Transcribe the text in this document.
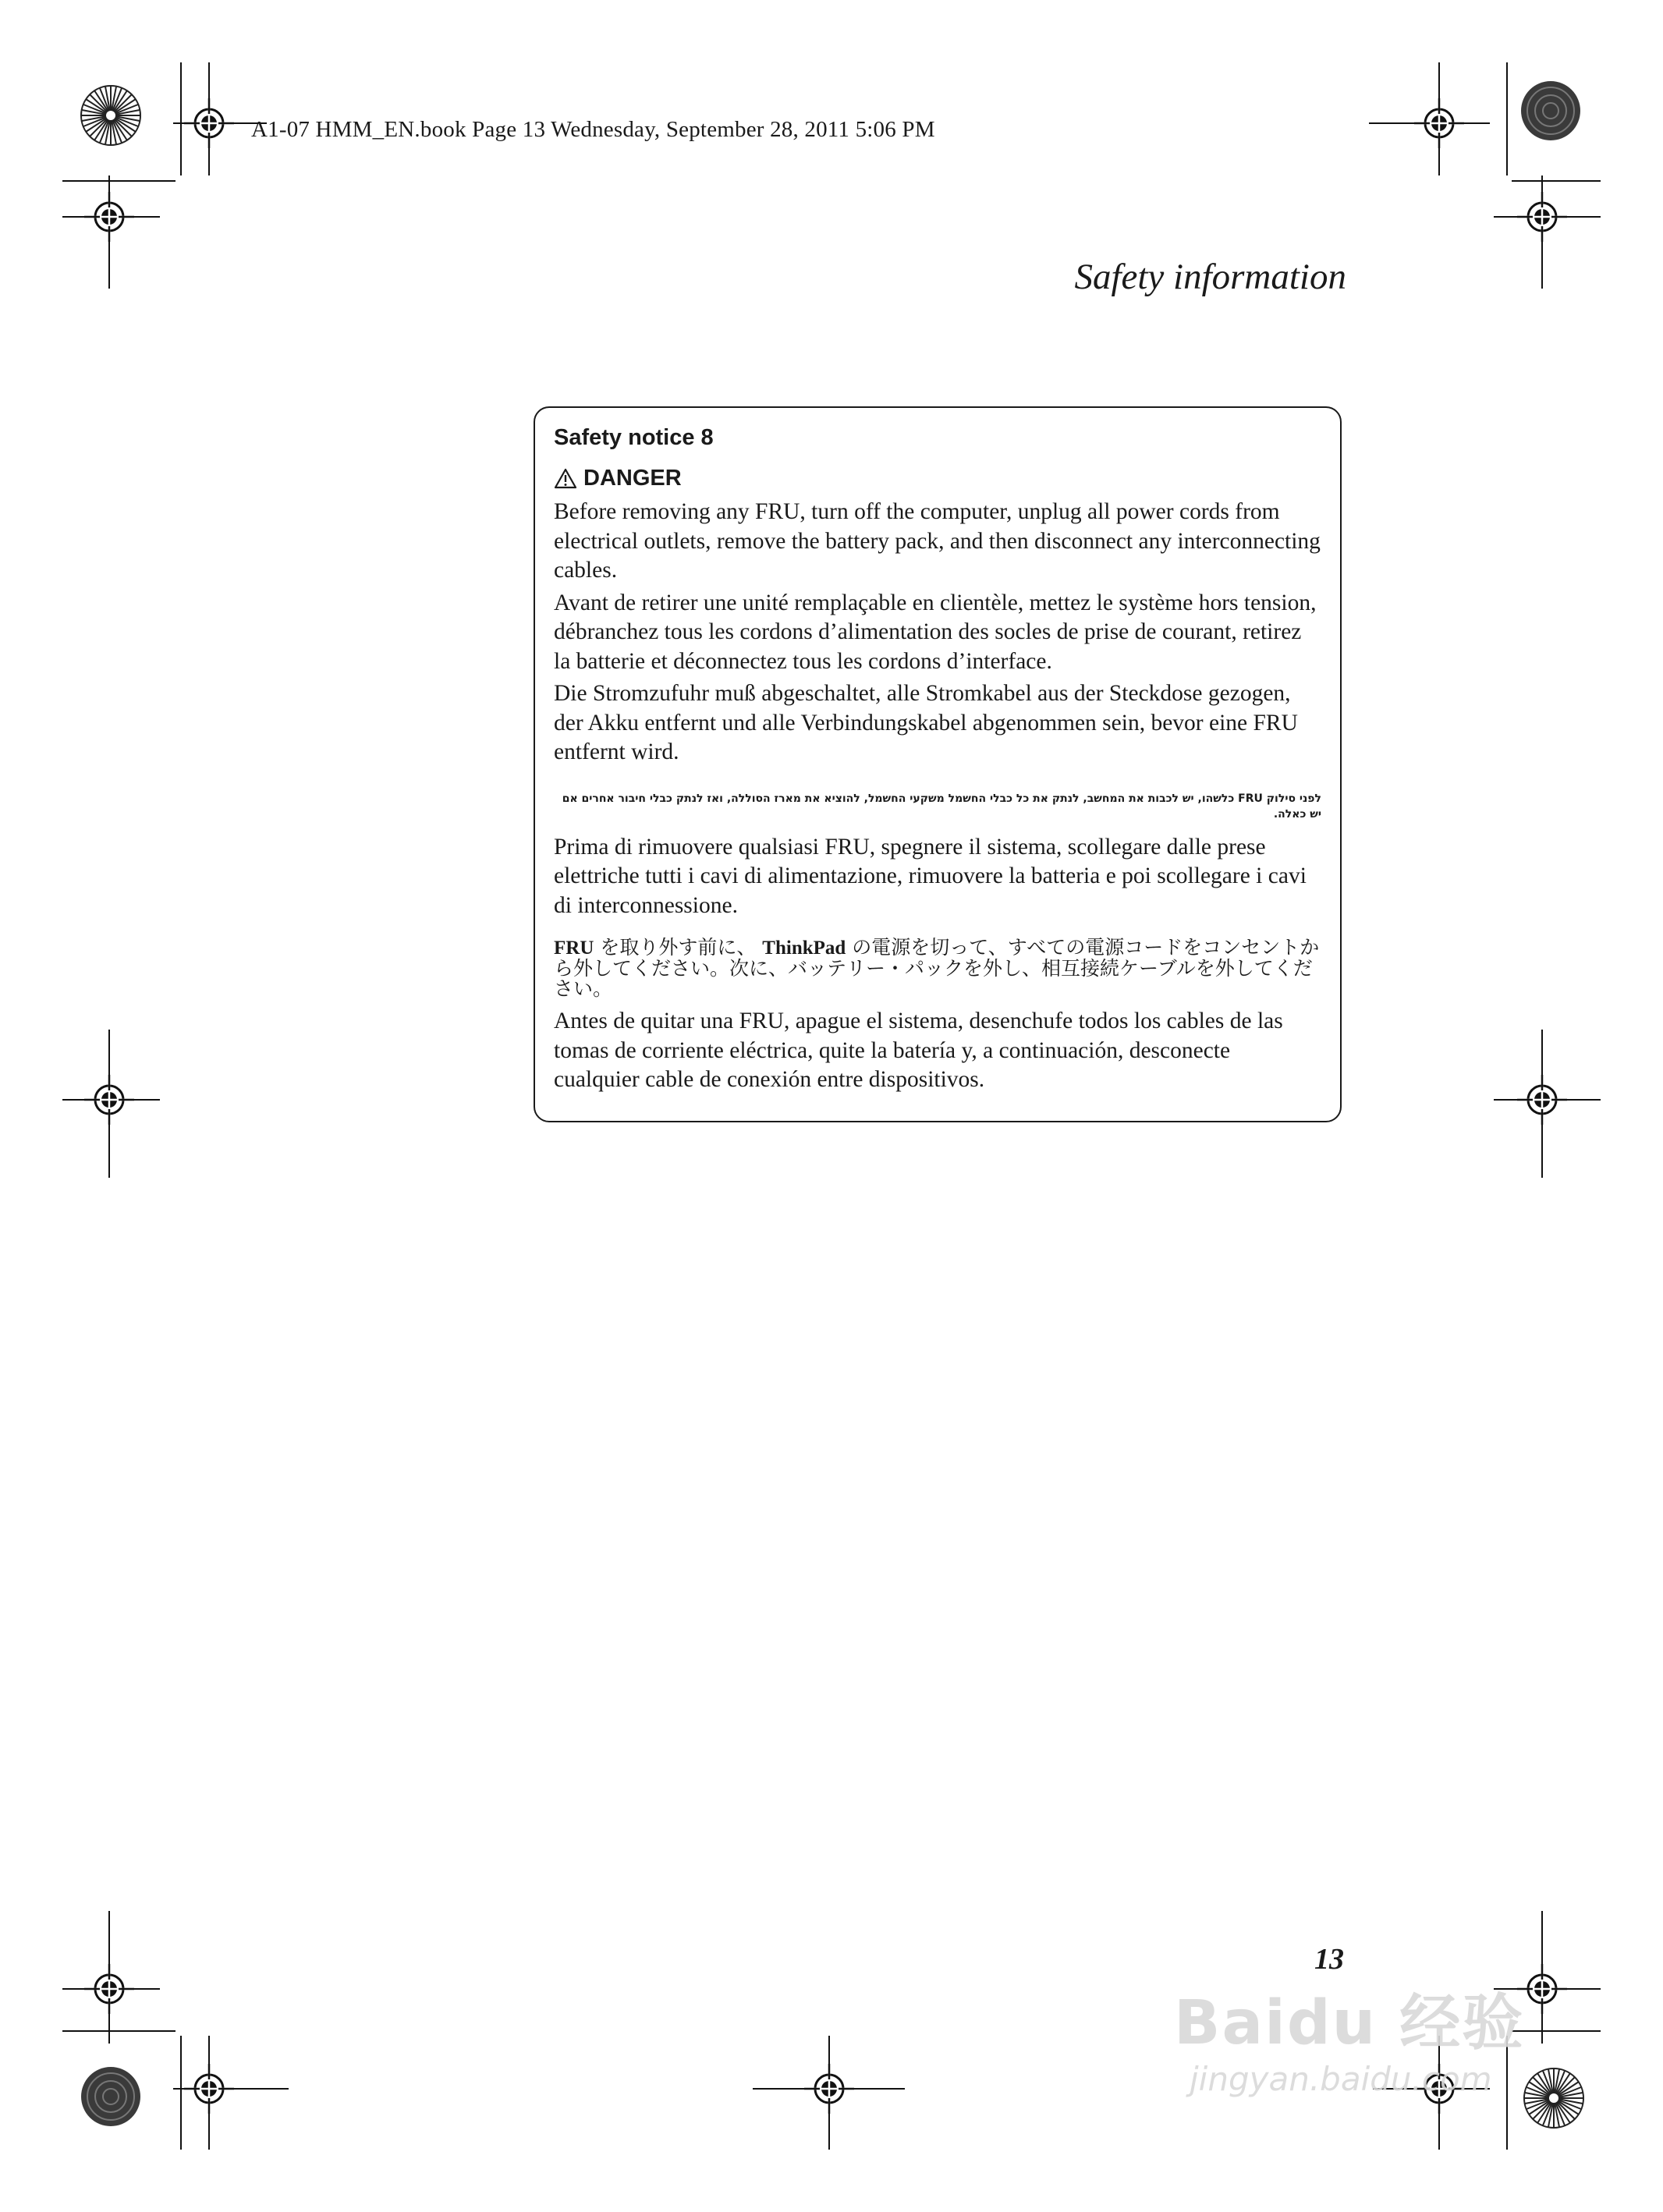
A1-07 HMM_EN.book Page 13 Wednesday, September 28, 2011 5:06 PM
Safety information
Safety notice 8
DANGER

Before removing any FRU, turn off the computer, unplug all power cords from electrical outlets, remove the battery pack, and then disconnect any interconnecting cables.

Avant de retirer une unité remplaçable en clientèle, mettez le système hors tension, débranchez tous les cordons d’alimentation des socles de prise de courant, retirez la batterie et déconnectez tous les cordons d’interface.

Die Stromzufuhr muß abgeschaltet, alle Stromkabel aus der Steckdose gezogen, der Akku entfernt und alle Verbindungskabel abgenommen sein, bevor eine FRU entfernt wird.

לפני סילוק FRU כלשהו, יש לכבות את המחשב, לנתק את כל כבלי החשמל משקעי החשמל, להוציא את מארז הסוללה, ואז לנתק כבלי חיבור אחרים אם יש כאלה.

Prima di rimuovere qualsiasi FRU, spegnere il sistema, scollegare dalle prese elettriche tutti i cavi di alimentazione, rimuovere la batteria e poi scollegare i cavi di interconnessione.

FRU を取り外す前に、 ThinkPad の電源を切って、すべての電源コードをコンセントから外してください。次に、バッテリー・パックを外し、相互接続ケーブルを外してください。

Antes de quitar una FRU, apague el sistema, desenchufe todos los cables de las tomas de corriente eléctrica, quite la batería y, a continuación, desconecte cualquier cable de conexión entre dispositivos.

13
Baidu 经验
jingyan.baidu.com
